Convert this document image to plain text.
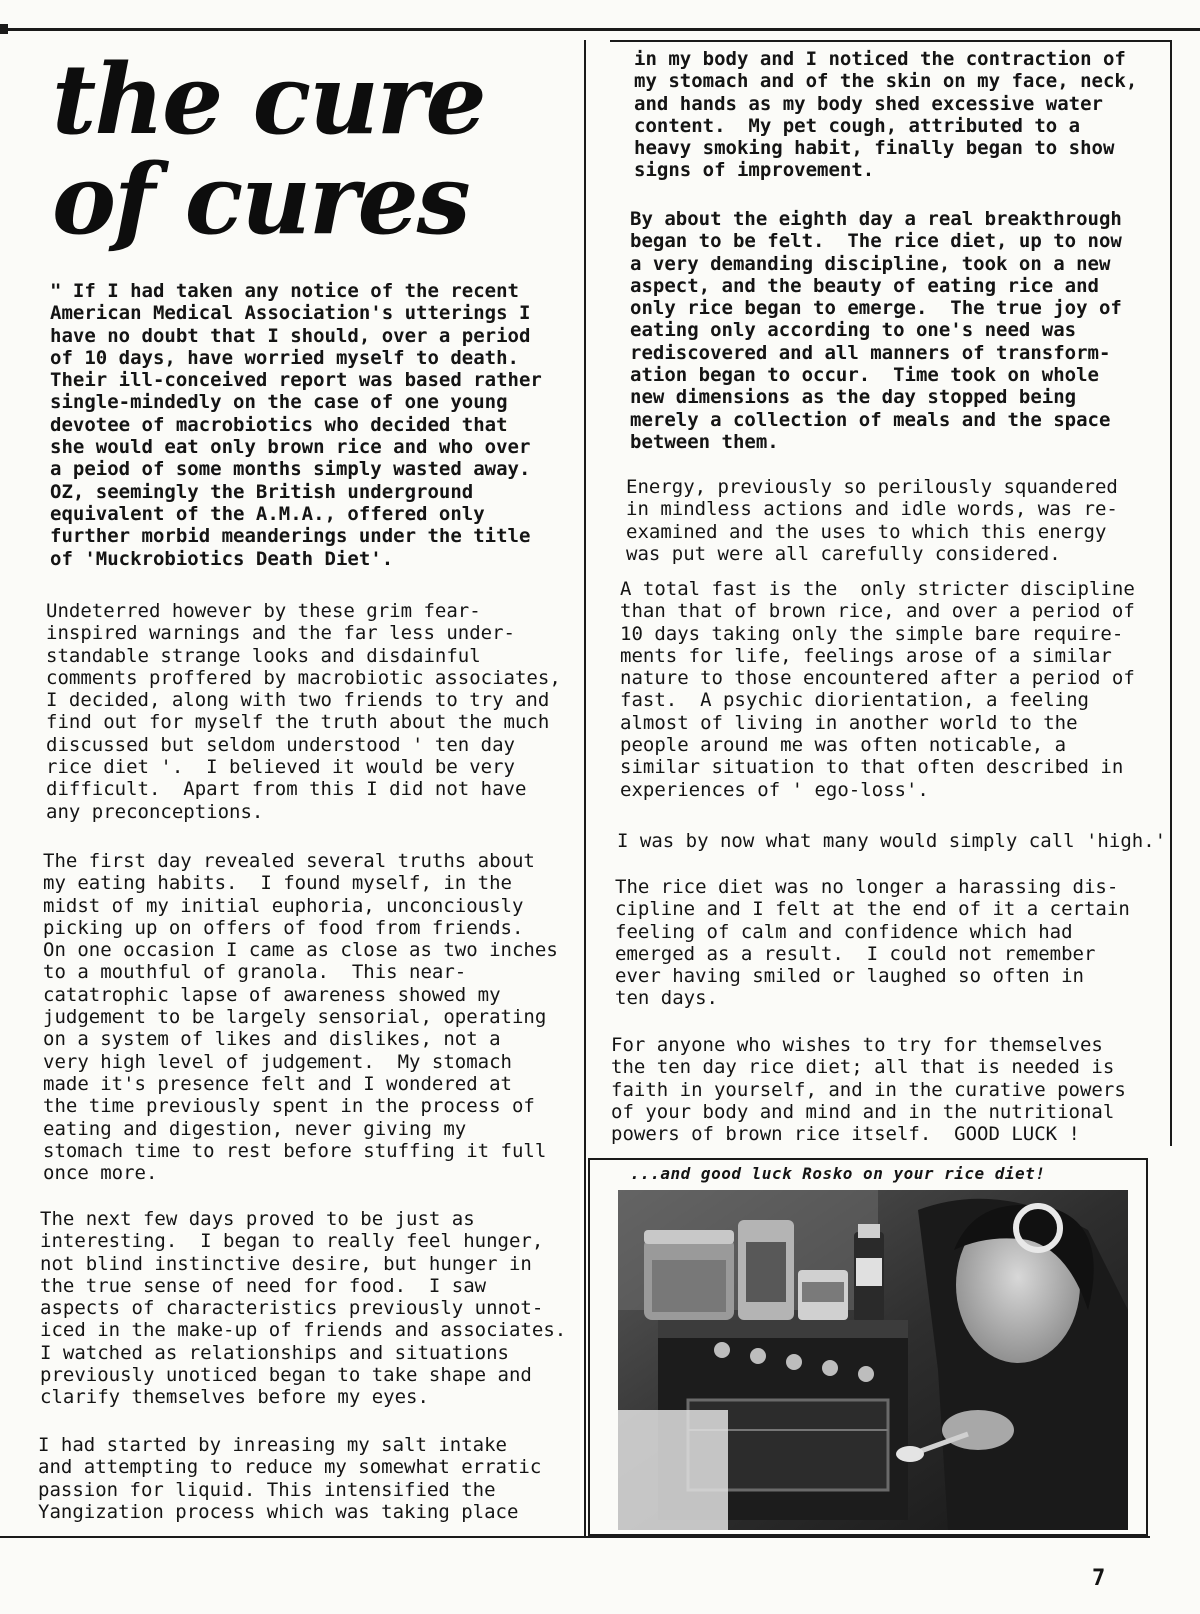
the cure
of cures

" If I had taken any notice of the recent
American Medical Association's utterings I
have no doubt that I should, over a period
of 10 days, have worried myself to death.
Their ill-conceived report was based rather
single-mindedly on the case of one young
devotee of macrobiotics who decided that
she would eat only brown rice and who over
a peiod of some months simply wasted away.
OZ, seemingly the British underground
equivalent of the A.M.A., offered only
further morbid meanderings under the title
of 'Muckrobiotics Death Diet'.

Undeterred however by these grim fear-
inspired warnings and the far less under-
standable strange looks and disdainful
comments proffered by macrobiotic associates,
I decided, along with two friends to try and
find out for myself the truth about the much
discussed but seldom understood ' ten day
rice diet '.  I believed it would be very
difficult.  Apart from this I did not have
any preconceptions.

The first day revealed several truths about
my eating habits.  I found myself, in the
midst of my initial euphoria, unconciously
picking up on offers of food from friends.
On one occasion I came as close as two inches
to a mouthful of granola.  This near-
catatrophic lapse of awareness showed my
judgement to be largely sensorial, operating
on a system of likes and dislikes, not a
very high level of judgement.  My stomach
made it's presence felt and I wondered at
the time previously spent in the process of
eating and digestion, never giving my
stomach time to rest before stuffing it full
once more.

The next few days proved to be just as
interesting.  I began to really feel hunger,
not blind instinctive desire, but hunger in
the true sense of need for food.  I saw
aspects of characteristics previously unnot-
iced in the make-up of friends and associates.
I watched as relationships and situations
previously unoticed began to take shape and
clarify themselves before my eyes.

I had started by inreasing my salt intake
and attempting to reduce my somewhat erratic
passion for liquid. This intensified the
Yangization process which was taking place

in my body and I noticed the contraction of
my stomach and of the skin on my face, neck,
and hands as my body shed excessive water
content.  My pet cough, attributed to a
heavy smoking habit, finally began to show
signs of improvement.

By about the eighth day a real breakthrough
began to be felt.  The rice diet, up to now
a very demanding discipline, took on a new
aspect, and the beauty of eating rice and
only rice began to emerge.  The true joy of
eating only according to one's need was
rediscovered and all manners of transform-
ation began to occur.  Time took on whole
new dimensions as the day stopped being
merely a collection of meals and the space
between them.

Energy, previously so perilously squandered
in mindless actions and idle words, was re-
examined and the uses to which this energy
was put were all carefully considered.

A total fast is the  only stricter discipline
than that of brown rice, and over a period of
10 days taking only the simple bare require-
ments for life, feelings arose of a similar
nature to those encountered after a period of
fast.  A psychic diorientation, a feeling
almost of living in another world to the
people around me was often noticable, a
similar situation to that often described in
experiences of ' ego-loss'.

I was by now what many would simply call 'high.'

The rice diet was no longer a harassing dis-
cipline and I felt at the end of it a certain
feeling of calm and confidence which had
emerged as a result.  I could not remember
ever having smiled or laughed so often in
ten days.

For anyone who wishes to try for themselves
the ten day rice diet; all that is needed is
faith in yourself, and in the curative powers
of your body and mind and in the nutritional
powers of brown rice itself.  GOOD LUCK !

...and good luck Rosko on your rice diet!

7
